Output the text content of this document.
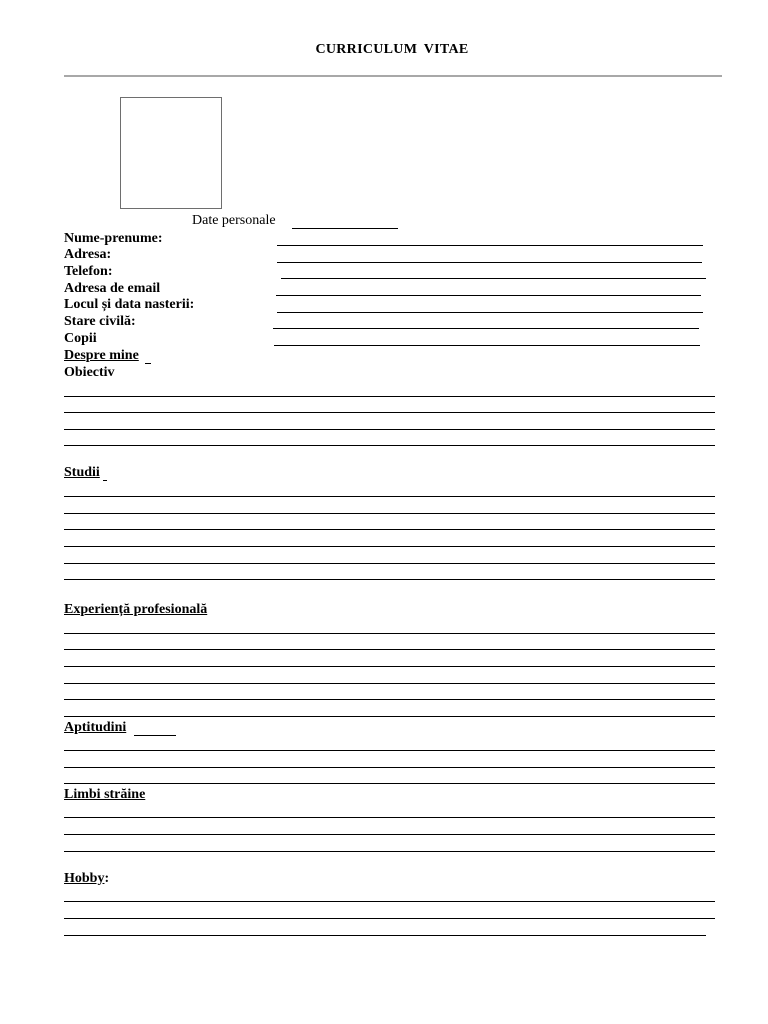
CURRICULUM VITAE
Date personale
Nume-prenume:
Adresa:
Telefon:
Adresa de email
Locul și data nasterii:
Stare civilă:
Copii
Despre mine
Obiectiv
Studii
Experiență profesională
Aptitudini
Limbi străine
Hobby:
